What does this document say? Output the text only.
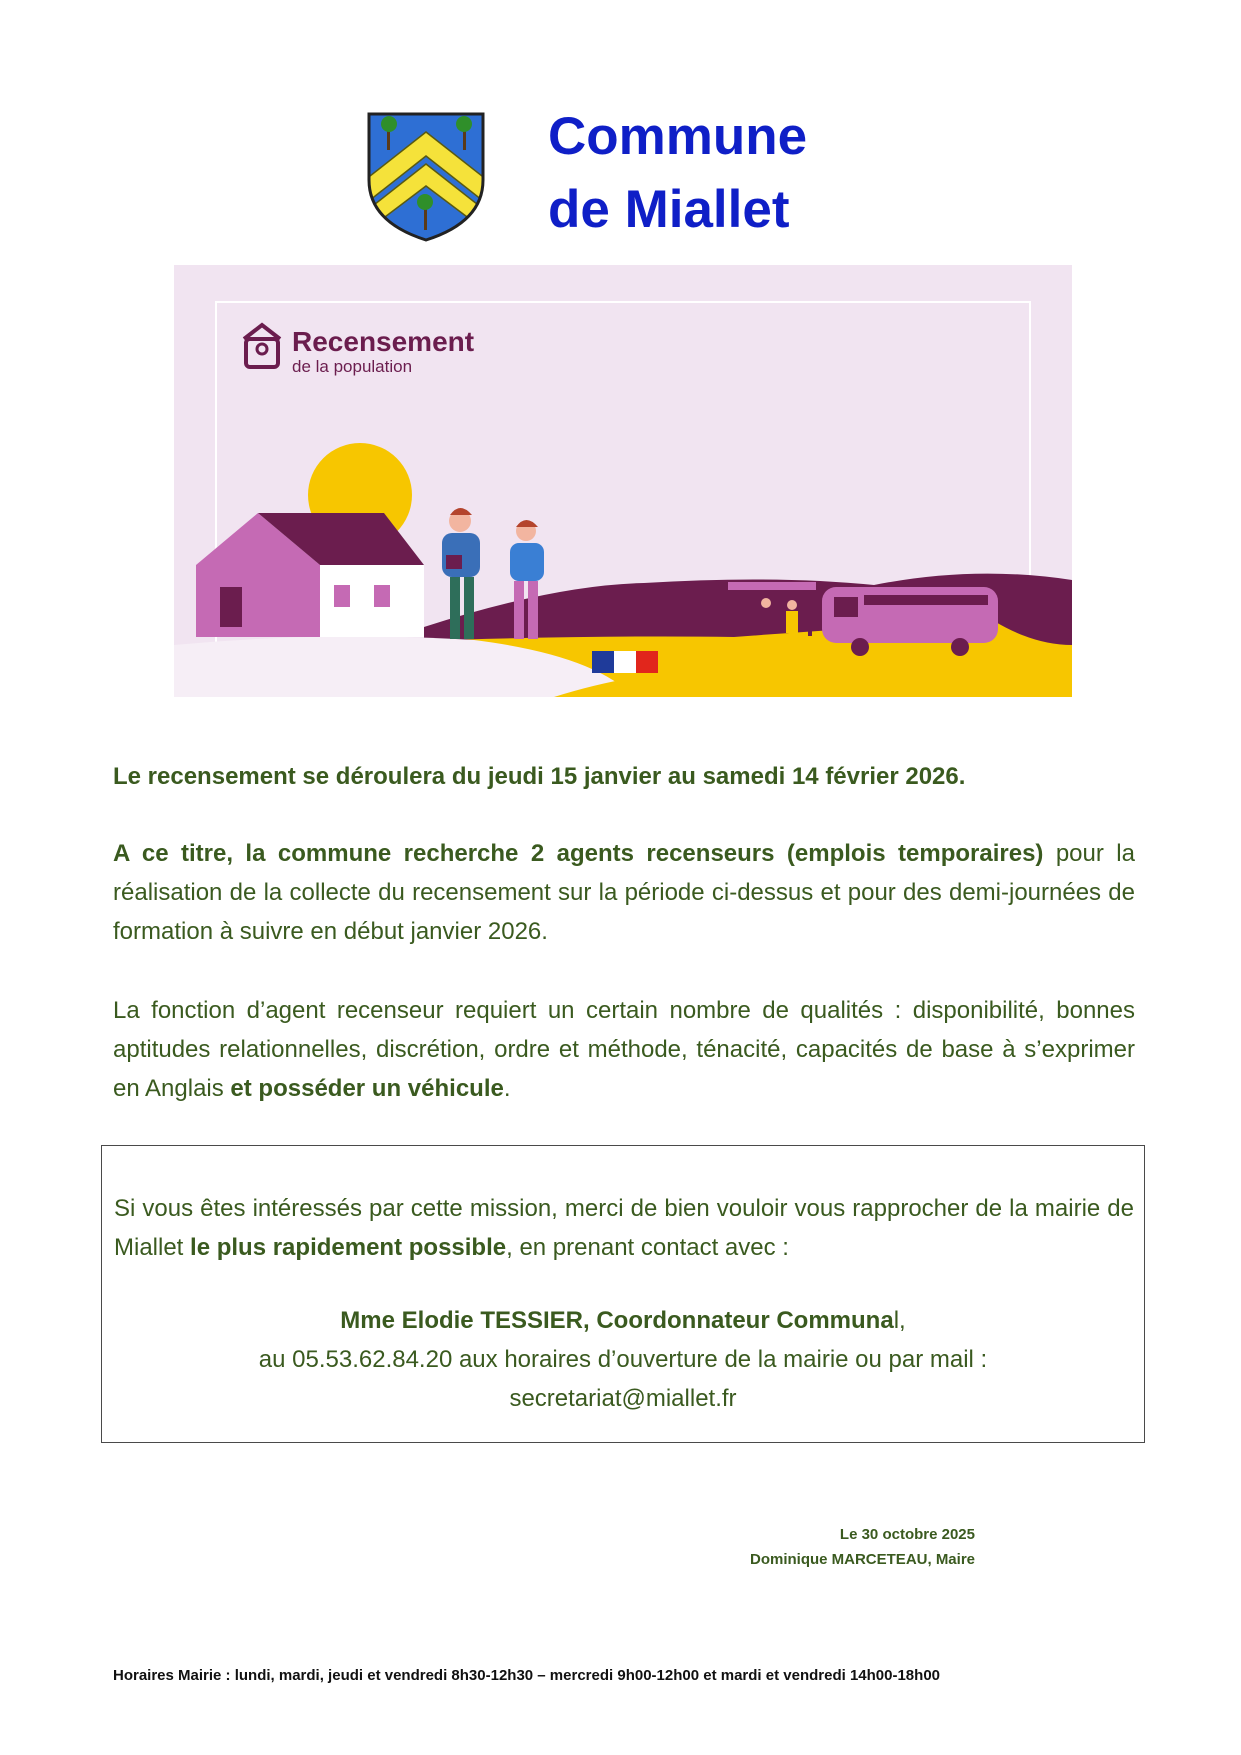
Commune
de Miallet
Recensement
de la population
Le recensement se déroulera du jeudi 15 janvier au samedi 14 février 2026.
A ce titre, la commune recherche 2 agents recenseurs (emplois temporaires) pour la réalisation de la collecte du recensement sur la période ci-dessus et pour des demi-journées de formation à suivre en début janvier 2026.
La fonction d’agent recenseur requiert un certain nombre de qualités : disponibilité, bonnes aptitudes relationnelles, discrétion, ordre et méthode, ténacité, capacités de base à s’exprimer en Anglais et posséder un véhicule.
Si vous êtes intéressés par cette mission, merci de bien vouloir vous rapprocher de la mairie de Miallet le plus rapidement possible, en prenant contact avec :
Mme Elodie TESSIER, Coordonnateur Communal,
au 05.53.62.84.20 aux horaires d’ouverture de la mairie ou par mail :
secretariat@miallet.fr
Le 30 octobre 2025
Dominique MARCETEAU, Maire
Horaires Mairie : lundi, mardi, jeudi et vendredi 8h30-12h30 – mercredi 9h00-12h00 et mardi et vendredi 14h00-18h00
